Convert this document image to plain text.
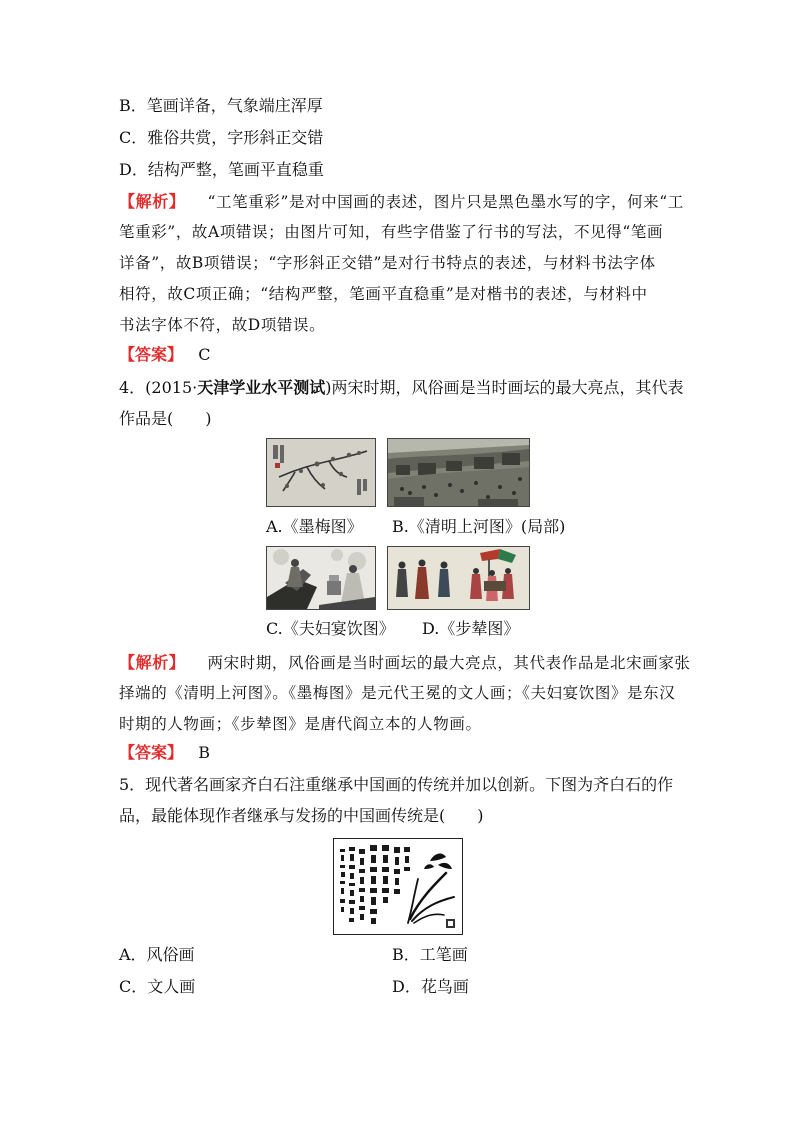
B．笔画详备，气象端庄浑厚
C．雅俗共赏，字形斜正交错
D．结构严整，笔画平直稳重
【解析】 “工笔重彩”是对中国画的表述，图片只是黑色墨水写的字，何来“工
笔重彩”，故A项错误；由图片可知，有些字借鉴了行书的写法，不见得“笔画
详备”，故B项错误；“字形斜正交错”是对行书特点的表述，与材料书法字体
相符，故C项正确；“结构严整，笔画平直稳重”是对楷书的表述，与材料中
书法字体不符，故D项错误。
【答案】 C
4．(2015·天津学业水平测试)两宋时期，风俗画是当时画坛的最大亮点，其代表
作品是(　　)
A.《墨梅图》 B.《清明上河图》(局部)
C.《夫妇宴饮图》 D.《步辇图》
【解析】 两宋时期，风俗画是当时画坛的最大亮点，其代表作品是北宋画家张
择端的《清明上河图》。《墨梅图》是元代王冕的文人画；《夫妇宴饮图》是东汉
时期的人物画；《步辇图》是唐代阎立本的人物画。
【答案】 B
5．现代著名画家齐白石注重继承中国画的传统并加以创新。下图为齐白石的作
品，最能体现作者继承与发扬的中国画传统是(　　)
A．风俗画	B．工笔画
C．文人画	D．花鸟画
